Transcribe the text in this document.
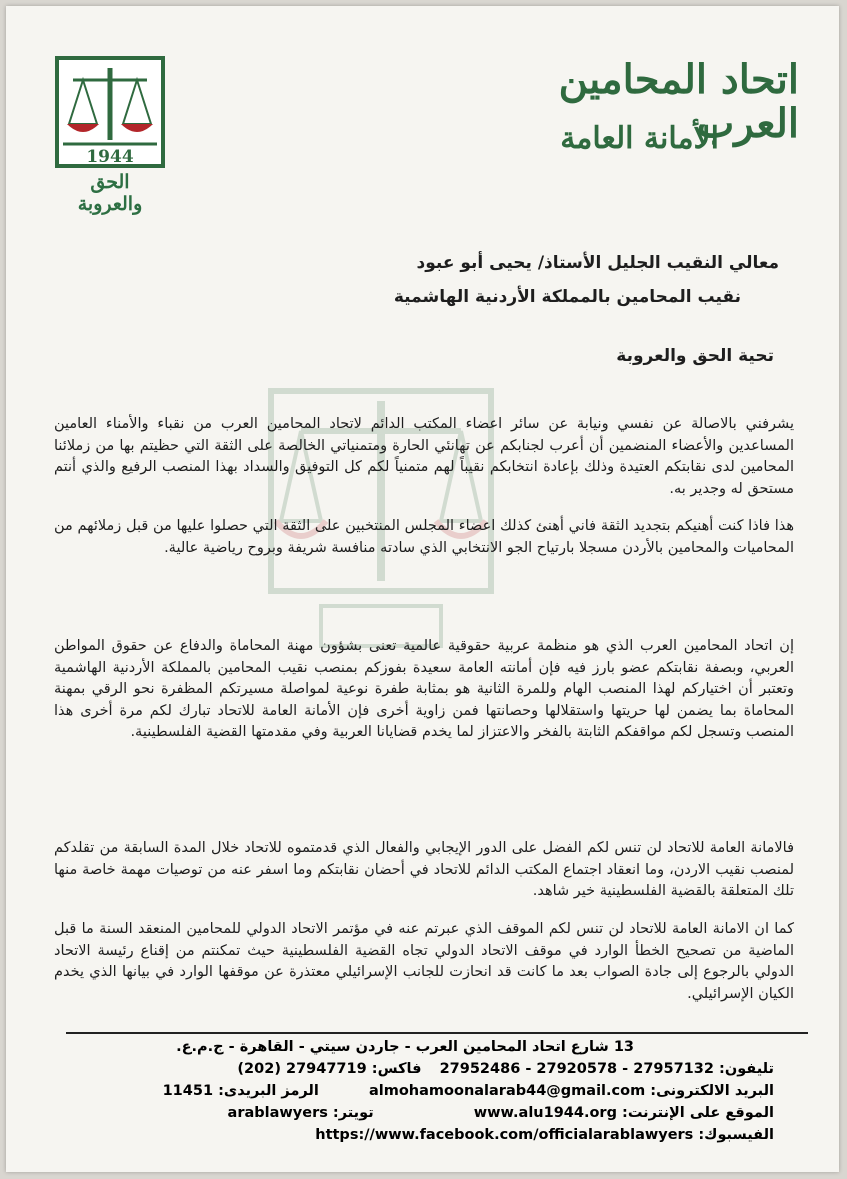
1944
الحق والعروبة
اتحاد المحامين العرب
الأمانة العامة
معالي النقيب الجليل الأستاذ/ يحيى أبو عبود
نقيب المحامين بالمملكة الأردنية الهاشمية
تحية الحق والعروبة
يشرفني بالاصالة عن نفسي ونيابة عن سائر اعضاء المكتب الدائم لاتحاد المحامين العرب من نقباء والأمناء العامين المساعدين والأعضاء المنضمين أن أعرب لجنابكم عن تهانئي الحارة ومتمنياتي الخالصة على الثقة التي حظيتم بها من زملائنا المحامين لدى نقابتكم العتيدة وذلك بإعادة انتخابكم نقيباً لهم متمنياً لكم كل التوفيق والسداد بهذا المنصب الرفيع والذي أنتم مستحق له وجدير به.
هذا فاذا كنت أهنيكم بتجديد الثقة فاني أهنئ كذلك اعضاء المجلس المنتخبين على الثقة التي حصلوا عليها من قبل زملائهم من المحاميات والمحامين بالأردن مسجلا بارتياح الجو الانتخابي الذي سادته منافسة شريفة وبروح رياضية عالية.
إن اتحاد المحامين العرب الذي هو منظمة عربية حقوقية عالمية تعنى بشؤون مهنة المحاماة والدفاع عن حقوق المواطن العربي، وبصفة نقابتكم عضو بارز فيه فإن أمانته العامة سعيدة بفوزكم بمنصب نقيب المحامين بالمملكة الأردنية الهاشمية وتعتبر أن اختياركم لهذا المنصب الهام وللمرة الثانية هو بمثابة طفرة نوعية لمواصلة مسيرتكم المظفرة نحو الرقي بمهنة المحاماة بما يضمن لها حريتها واستقلالها وحصانتها فمن زاوية أخرى فإن الأمانة العامة للاتحاد تبارك لكم مرة أخرى هذا المنصب وتسجل لكم مواقفكم الثابتة بالفخر والاعتزاز لما يخدم قضايانا العربية وفي مقدمتها القضية الفلسطينية.
فالامانة العامة للاتحاد لن تنس لكم الفضل على الدور الإيجابي والفعال الذي قدمتموه للاتحاد خلال المدة السابقة من تقلدكم لمنصب نقيب الاردن، وما انعقاد اجتماع المكتب الدائم للاتحاد في أحضان نقابتكم وما اسفر عنه من توصيات مهمة خاصة منها تلك المتعلقة بالقضية الفلسطينية خير شاهد.
كما ان الامانة العامة للاتحاد لن تنس لكم الموقف الذي عبرتم عنه في مؤتمر الاتحاد الدولي للمحامين المنعقد السنة ما قبل الماضية من تصحيح الخطأ الوارد في موقف الاتحاد الدولي تجاه القضية الفلسطينية حيث تمكنتم من إقناع رئيسة الاتحاد الدولي بالرجوع إلى جادة الصواب بعد ما كانت قد انحازت للجانب الإسرائيلي معتذرة عن موقفها الوارد في بيانها الذي يخدم الكيان الإسرائيلي.
13 شارع اتحاد المحامين العرب - جاردن سيتي - القاهرة - ج.م.ع.
تليفون: 27952486 - 27920578 - 27957132  فاكس: (202) 27947719
البريد الالكترونى: almohamoonalarab44@gmail.com  الرمز البريدى: 11451
الموقع على الإنترنت: www.alu1944.org  تويتر: arablawyers
الفيسبوك: https://www.facebook.com/officialarablawyers
